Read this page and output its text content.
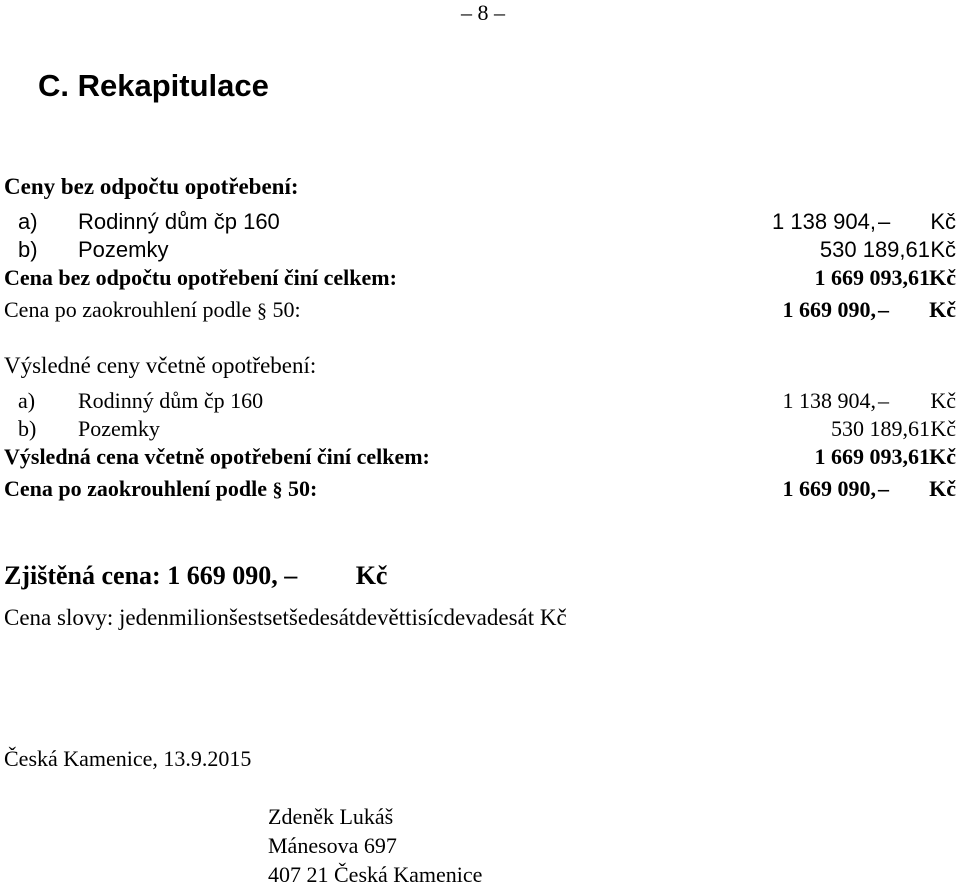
– 8 –
C. Rekapitulace
Ceny bez odpočtu opotřebení:
a) Rodinný dům čp 160	1 138 904, –	Kč
b) Pozemky	530 189,61 Kč
Cena bez odpočtu opotřebení činí celkem:	1 669 093,61 Kč
Cena po zaokrouhlení podle § 50:	1 669 090, –	Kč
Výsledné ceny včetně opotřebení:
a) Rodinný dům čp 160	1 138 904, –	Kč
b) Pozemky	530 189,61 Kč
Výsledná cena včetně opotřebení činí celkem:	1 669 093,61 Kč
Cena po zaokrouhlení podle § 50:	1 669 090, –	Kč
Zjištěná cena: 1 669 090, – Kč
Cena slovy: jedenmilionšestsetšedesátdevěttisícdevadesát Kč
Česká Kamenice, 13.9.2015
Zdeněk Lukáš
Mánesova 697
407 21 Česká Kamenice
